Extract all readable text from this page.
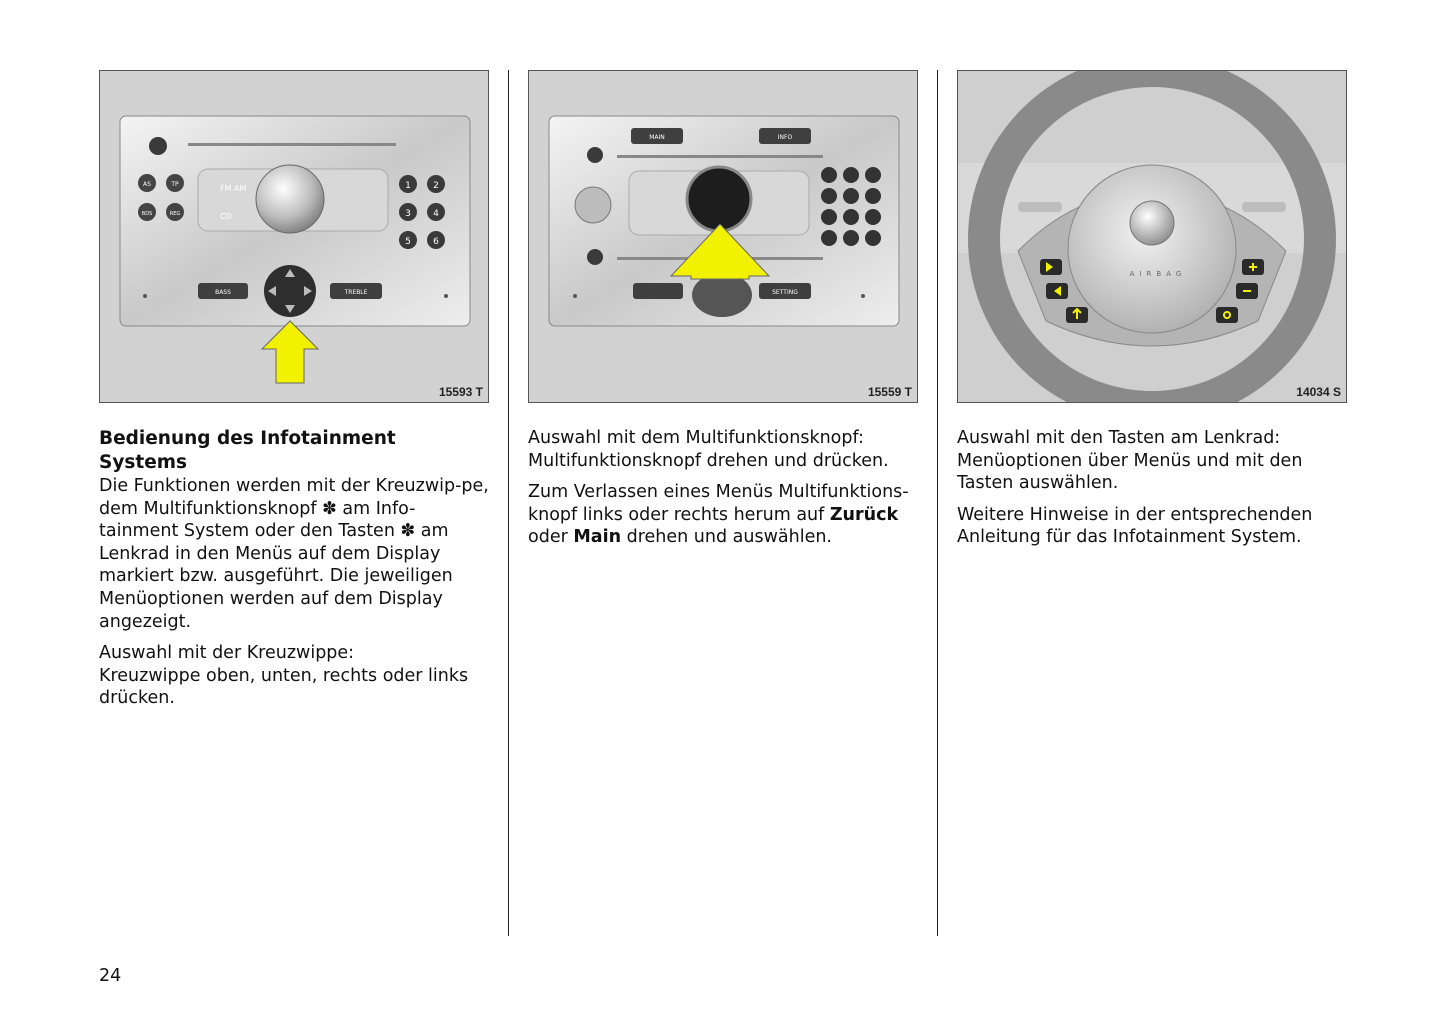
AS	TP
BDS	REG
FM AM
CD
1 2
3 4
5 6
BASS	TREBLE
15593 T
Bedienung des Infotainment Systems

Die Funktionen werden mit der Kreuzwip-pe, dem Multifunktionsknopf ✽ am Info-tainment System oder den Tasten ✽ am Lenkrad in den Menüs auf dem Display markiert bzw. ausgeführt. Die jeweiligen Menüoptionen werden auf dem Display angezeigt.

Auswahl mit der Kreuzwippe:
Kreuzwippe oben, unten, rechts oder links drücken.

MAIN	INFO
SETTING
15559 T

Auswahl mit dem Multifunktionsknopf:
Multifunktionsknopf drehen und drücken.

Zum Verlassen eines Menüs Multifunktions-knopf links oder rechts herum auf Zurück oder Main drehen und auswählen.

AIRBAG
14034 S

Auswahl mit den Tasten am Lenkrad:
Menüoptionen über Menüs und mit den Tasten auswählen.

Weitere Hinweise in der entsprechenden Anleitung für das Infotainment System.

24
